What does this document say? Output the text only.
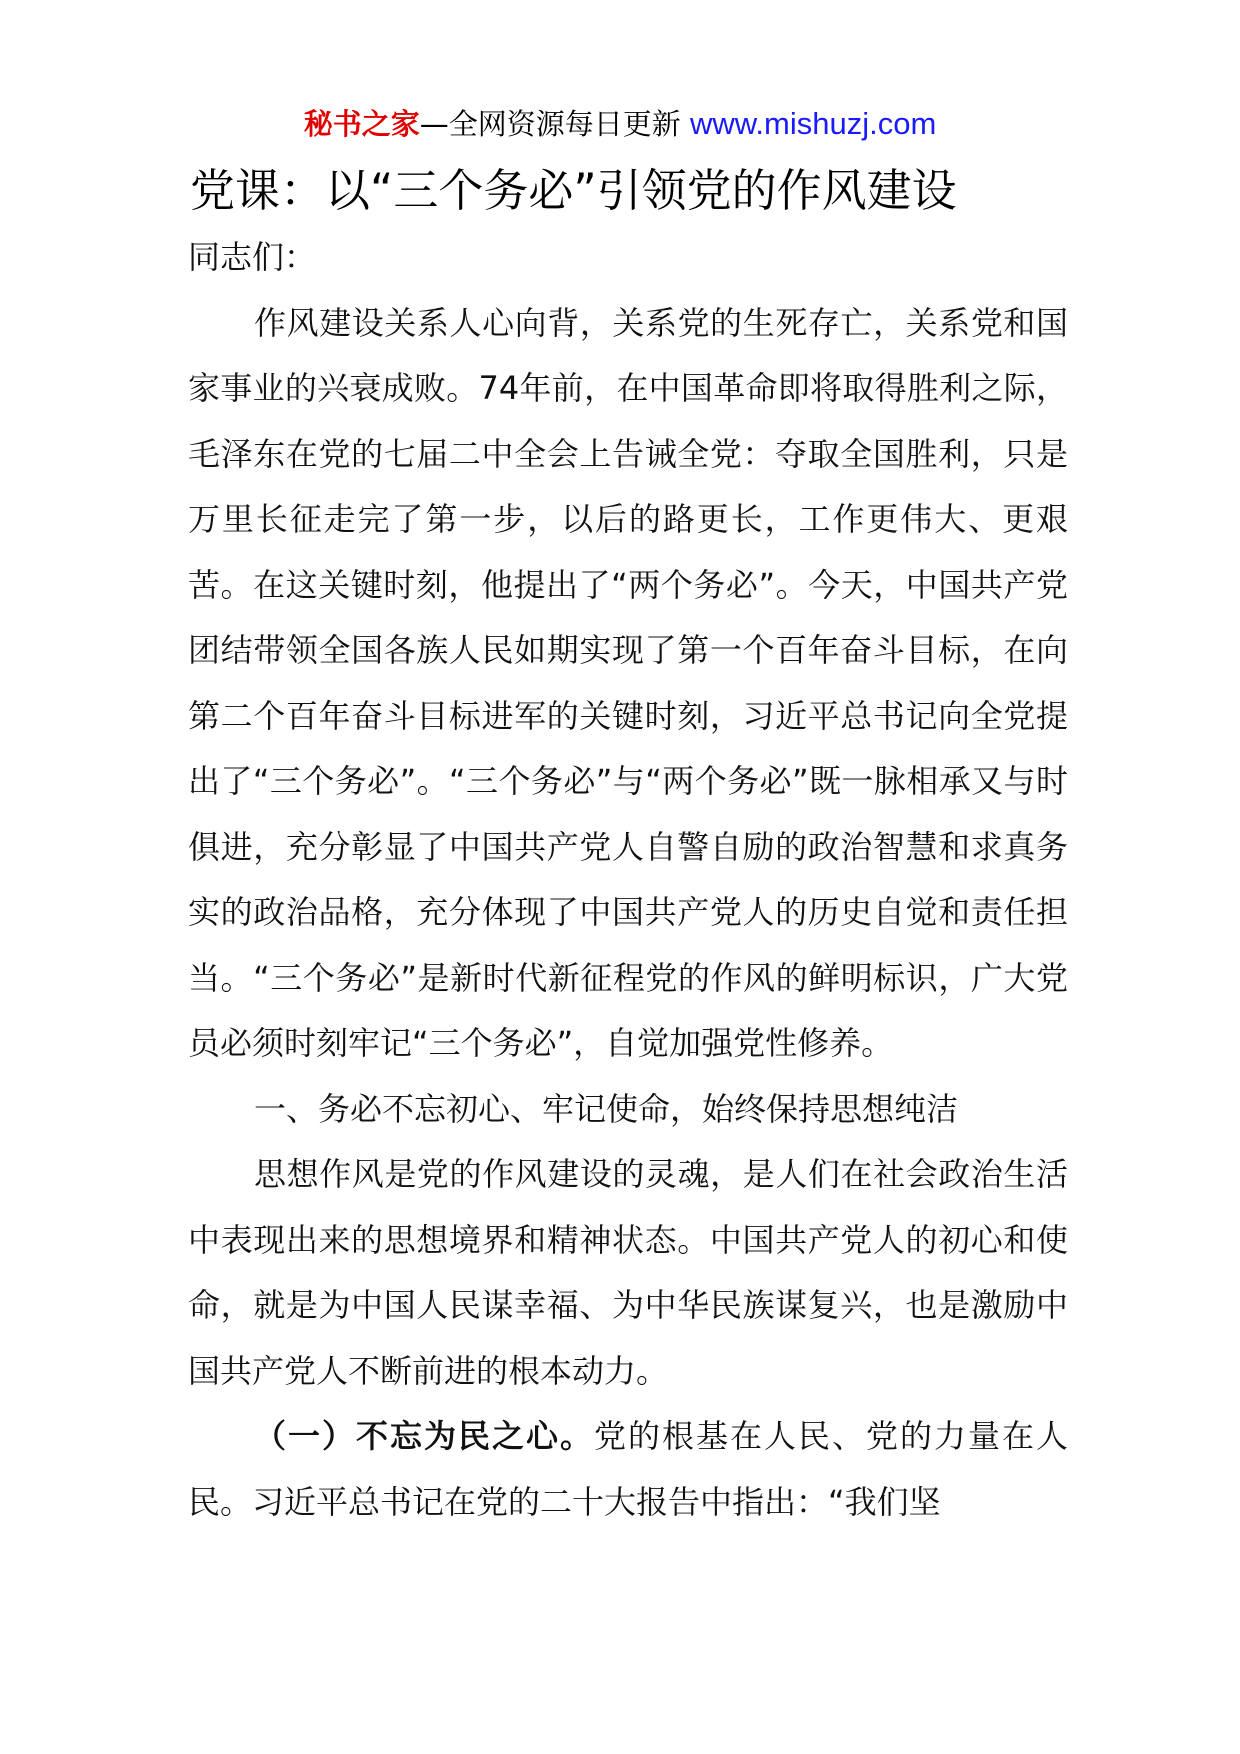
秘书之家—全网资源每日更新 www.mishuzj.com
党课：以“三个务必”引领党的作风建设

同志们：

作风建设关系人心向背，关系党的生死存亡，关系党和国家事业的兴衰成败。74年前，在中国革命即将取得胜利之际，毛泽东在党的七届二中全会上告诫全党：夺取全国胜利，只是万里长征走完了第一步，以后的路更长，工作更伟大、更艰苦。在这关键时刻，他提出了“两个务必”。今天，中国共产党团结带领全国各族人民如期实现了第一个百年奋斗目标，在向第二个百年奋斗目标进军的关键时刻，习近平总书记向全党提出了“三个务必”。“三个务必”与“两个务必”既一脉相承又与时俱进，充分彰显了中国共产党人自警自励的政治智慧和求真务实的政治品格，充分体现了中国共产党人的历史自觉和责任担当。“三个务必”是新时代新征程党的作风的鲜明标识，广大党员必须时刻牢记“三个务必”，自觉加强党性修养。

一、务必不忘初心、牢记使命，始终保持思想纯洁

思想作风是党的作风建设的灵魂，是人们在社会政治生活中表现出来的思想境界和精神状态。中国共产党人的初心和使命，就是为中国人民谋幸福、为中华民族谋复兴，也是激励中国共产党人不断前进的根本动力。

（一）不忘为民之心。党的根基在人民、党的力量在人民。习近平总书记在党的二十大报告中指出：“我们坚
